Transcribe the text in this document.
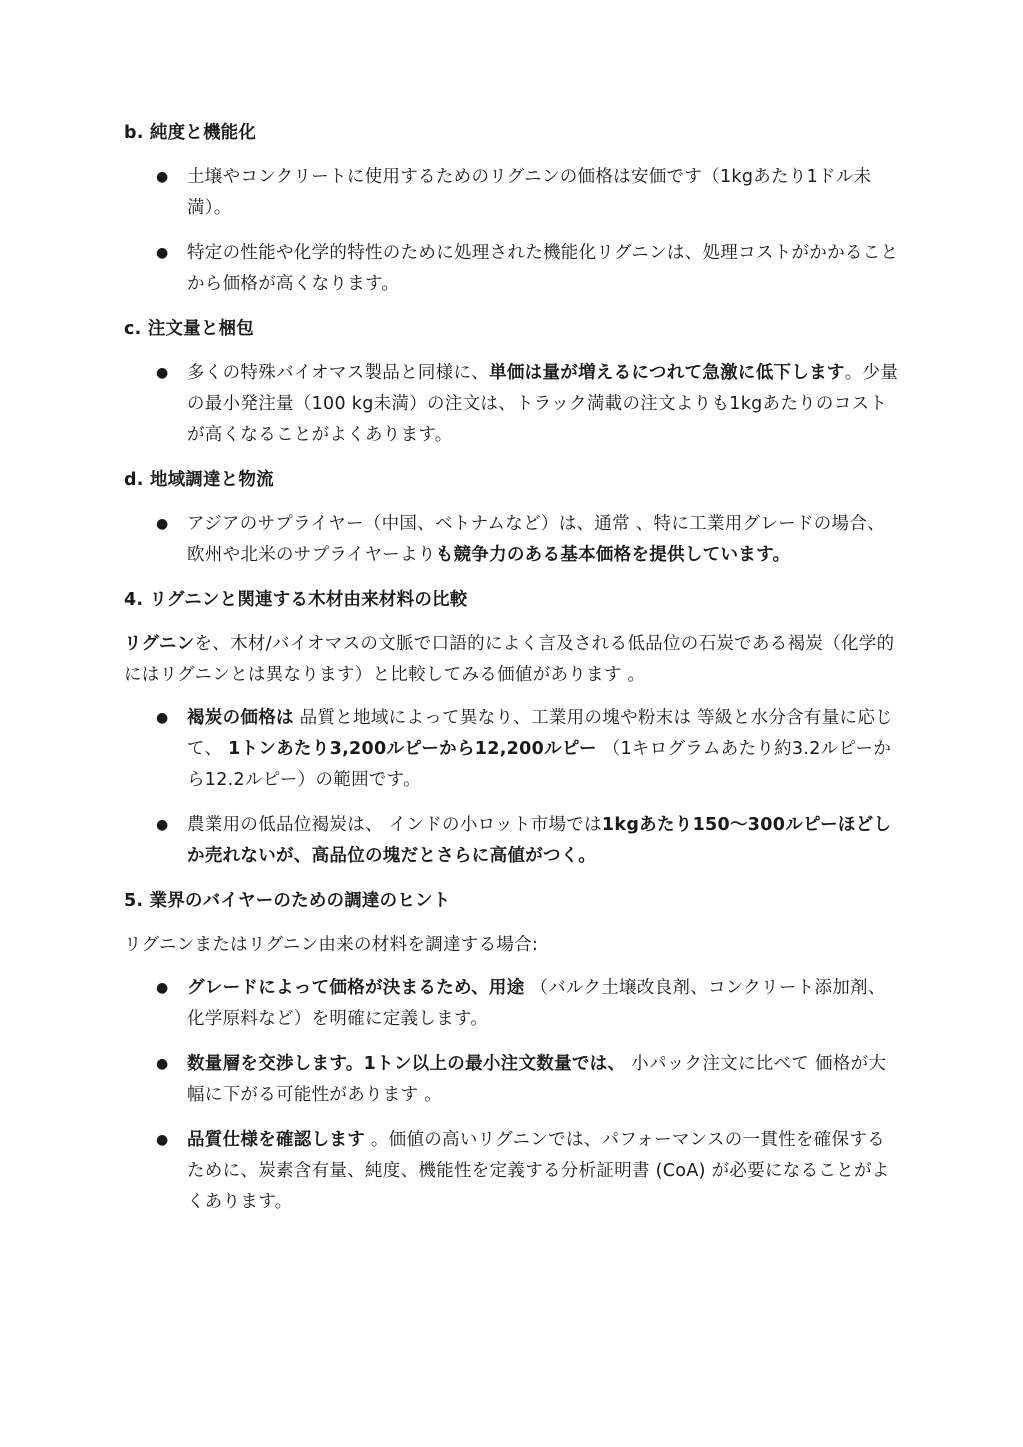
b. 純度と機能化
● 土壌やコンクリートに使用するためのリグニンの価格は安価です（1kgあたり1ドル未満）。
● 特定の性能や化学的特性のために処理された機能化リグニンは、処理コストがかかることから価格が高くなります。
c. 注文量と梱包
● 多くの特殊バイオマス製品と同様に、単価は量が増えるにつれて急激に低下します。少量の最小発注量（100 kg未満）の注文は、トラック満載の注文よりも1kgあたりのコストが高くなることがよくあります。
d. 地域調達と物流
● アジアのサプライヤー（中国、ベトナムなど）は、通常 、特に工業用グレードの場合、欧州や北米のサプライヤーよりも競争力のある基本価格を提供しています。
4. リグニンと関連する木材由来材料の比較
リグニンを、木材/バイオマスの文脈で口語的によく言及される低品位の石炭である褐炭（化学的にはリグニンとは異なります）と比較してみる価値があります 。
● 褐炭の価格は 品質と地域によって異なり、工業用の塊や粉末は 等級と水分含有量に応じて、 1トンあたり3,200ルピーから12,200ルピー （1キログラムあたり約3.2ルピーから12.2ルピー）の範囲です。
● 農業用の低品位褐炭は、 インドの小ロット市場では1kgあたり150〜300ルピーほどしか売れないが、高品位の塊だとさらに高値がつく。
5. 業界のバイヤーのための調達のヒント
リグニンまたはリグニン由来の材料を調達する場合:
● グレードによって価格が決まるため、用途 （バルク土壌改良剤、コンクリート添加剤、化学原料など）を明確に定義します。
● 数量層を交渉します。1トン以上の最小注文数量では、 小パック注文に比べて 価格が大幅に下がる可能性があります 。
● 品質仕様を確認します 。価値の高いリグニンでは、パフォーマンスの一貫性を確保するために、炭素含有量、純度、機能性を定義する分析証明書 (CoA) が必要になることがよくあります。
